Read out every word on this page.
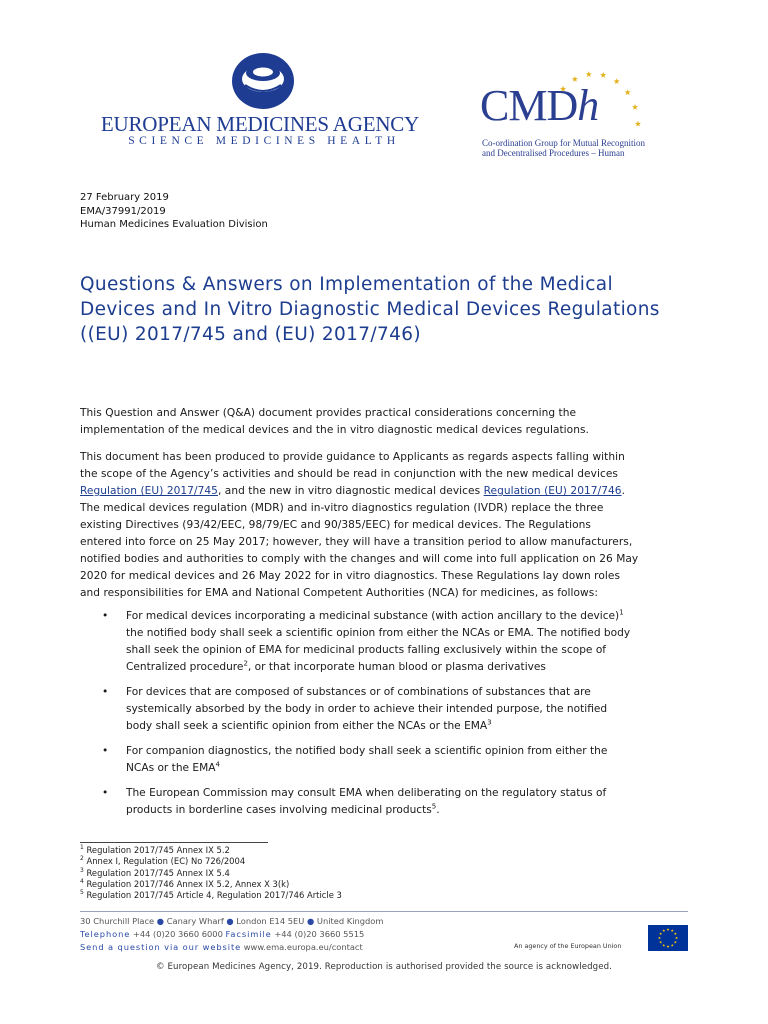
EUROPEAN MEDICINES AGENCY
SCIENCE MEDICINES HEALTH
CMDh
Co-ordination Group for Mutual Recognition
and Decentralised Procedures – Human
27 February 2019
EMA/37991/2019
Human Medicines Evaluation Division
Questions & Answers on Implementation of the Medical Devices and In Vitro Diagnostic Medical Devices Regulations ((EU) 2017/745 and (EU) 2017/746)
This Question and Answer (Q&A) document provides practical considerations concerning the
implementation of the medical devices and the in vitro diagnostic medical devices regulations.
This document has been produced to provide guidance to Applicants as regards aspects falling within
the scope of the Agency’s activities and should be read in conjunction with the new medical devices
Regulation (EU) 2017/745, and the new in vitro diagnostic medical devices Regulation (EU) 2017/746.
The medical devices regulation (MDR) and in-vitro diagnostics regulation (IVDR) replace the three
existing Directives (93/42/EEC, 98/79/EC and 90/385/EEC) for medical devices. The Regulations
entered into force on 25 May 2017; however, they will have a transition period to allow manufacturers,
notified bodies and authorities to comply with the changes and will come into full application on 26 May
2020 for medical devices and 26 May 2022 for in vitro diagnostics. These Regulations lay down roles
and responsibilities for EMA and National Competent Authorities (NCA) for medicines, as follows:
• For medical devices incorporating a medicinal substance (with action ancillary to the device)$^1$
the notified body shall seek a scientific opinion from either the NCAs or EMA. The notified body
shall seek the opinion of EMA for medicinal products falling exclusively within the scope of
Centralized procedure$^2$, or that incorporate human blood or plasma derivatives
• For devices that are composed of substances or of combinations of substances that are
systemically absorbed by the body in order to achieve their intended purpose, the notified
body shall seek a scientific opinion from either the NCAs or the EMA$^3$
• For companion diagnostics, the notified body shall seek a scientific opinion from either the
NCAs or the EMA$^4$
• The European Commission may consult EMA when deliberating on the regulatory status of
products in borderline cases involving medicinal products$^5$.
$^1$ Regulation 2017/745 Annex IX 5.2
$^2$ Annex I, Regulation (EC) No 726/2004
$^3$ Regulation 2017/745 Annex IX 5.4
$^4$ Regulation 2017/746 Annex IX 5.2, Annex X 3(k)
$^5$ Regulation 2017/745 Article 4, Regulation 2017/746 Article 3
30 Churchill Place ● Canary Wharf ● London E14 5EU ● United Kingdom
Telephone +44 (0)20 3660 6000 Facsimile +44 (0)20 3660 5515
Send a question via our website www.ema.europa.eu/contact	An agency of the European Union
© European Medicines Agency, 2019. Reproduction is authorised provided the source is acknowledged.
